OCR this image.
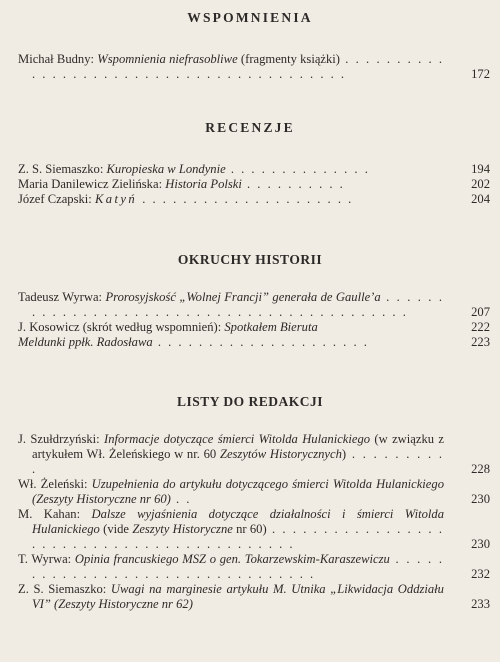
WSPOMNIENIA
Michał Budny: Wspomnienia niefrasobliwe (fragmenty książki) . . . . . . . . . . . . . . . . . . . . . . . . . . . . . . . . . . . . . . . . .	172
RECENZJE
Z. S. Siemaszko: Kuropieska w Londynie . . . . . . . . . . . . . .	194
Maria Danilewicz Zielińska: Historia Polski . . . . . . . . . .	202
Józef Czapski: Katyń . . . . . . . . . . . . . . . . . . . . .	204
OKRUCHY HISTORII
Tadeusz Wyrwa: Prorosyjskość „Wolnej Francji” generała de Gaulle’a . . . . . . . . . . . . . . . . . . . . . . . . . . . . . . . . . . . . . . . . . . .	207
J. Kosowicz (skrót według wspomnień): Spotkałem Bieruta	222
Meldunki ppłk. Radosława . . . . . . . . . . . . . . . . . . . . .	223
LISTY DO REDAKCJI
J. Szułdrzyński: Informacje dotyczące śmierci Witolda Hulanickiego (w związku z artykułem Wł. Żeleńskiego w nr. 60 Zeszytów Historycznych) . . . . . . . . . .	228
Wł. Żeleński: Uzupełnienia do artykułu dotyczącego śmierci Witolda Hulanickiego (Zeszyty Historyczne nr 60) . .	230
M. Kahan: Dalsze wyjaśnienia dotyczące działalności i śmierci Witolda Hulanickiego (vide Zeszyty Historyczne nr 60) . . . . . . . . . . . . . . . . . . . . . . . . . . . . . . . . . . . . . . . . . . .	230
T. Wyrwa: Opinia francuskiego MSZ o gen. Tokarzewskim-Karaszewiczu . . . . . . . . . . . . . . . . . . . . . . . . . . . . . . . . .	232
Z. S. Siemaszko: Uwagi na marginesie artykułu M. Utnika „Likwidacja Oddziału VI” (Zeszyty Historyczne nr 62)	233
